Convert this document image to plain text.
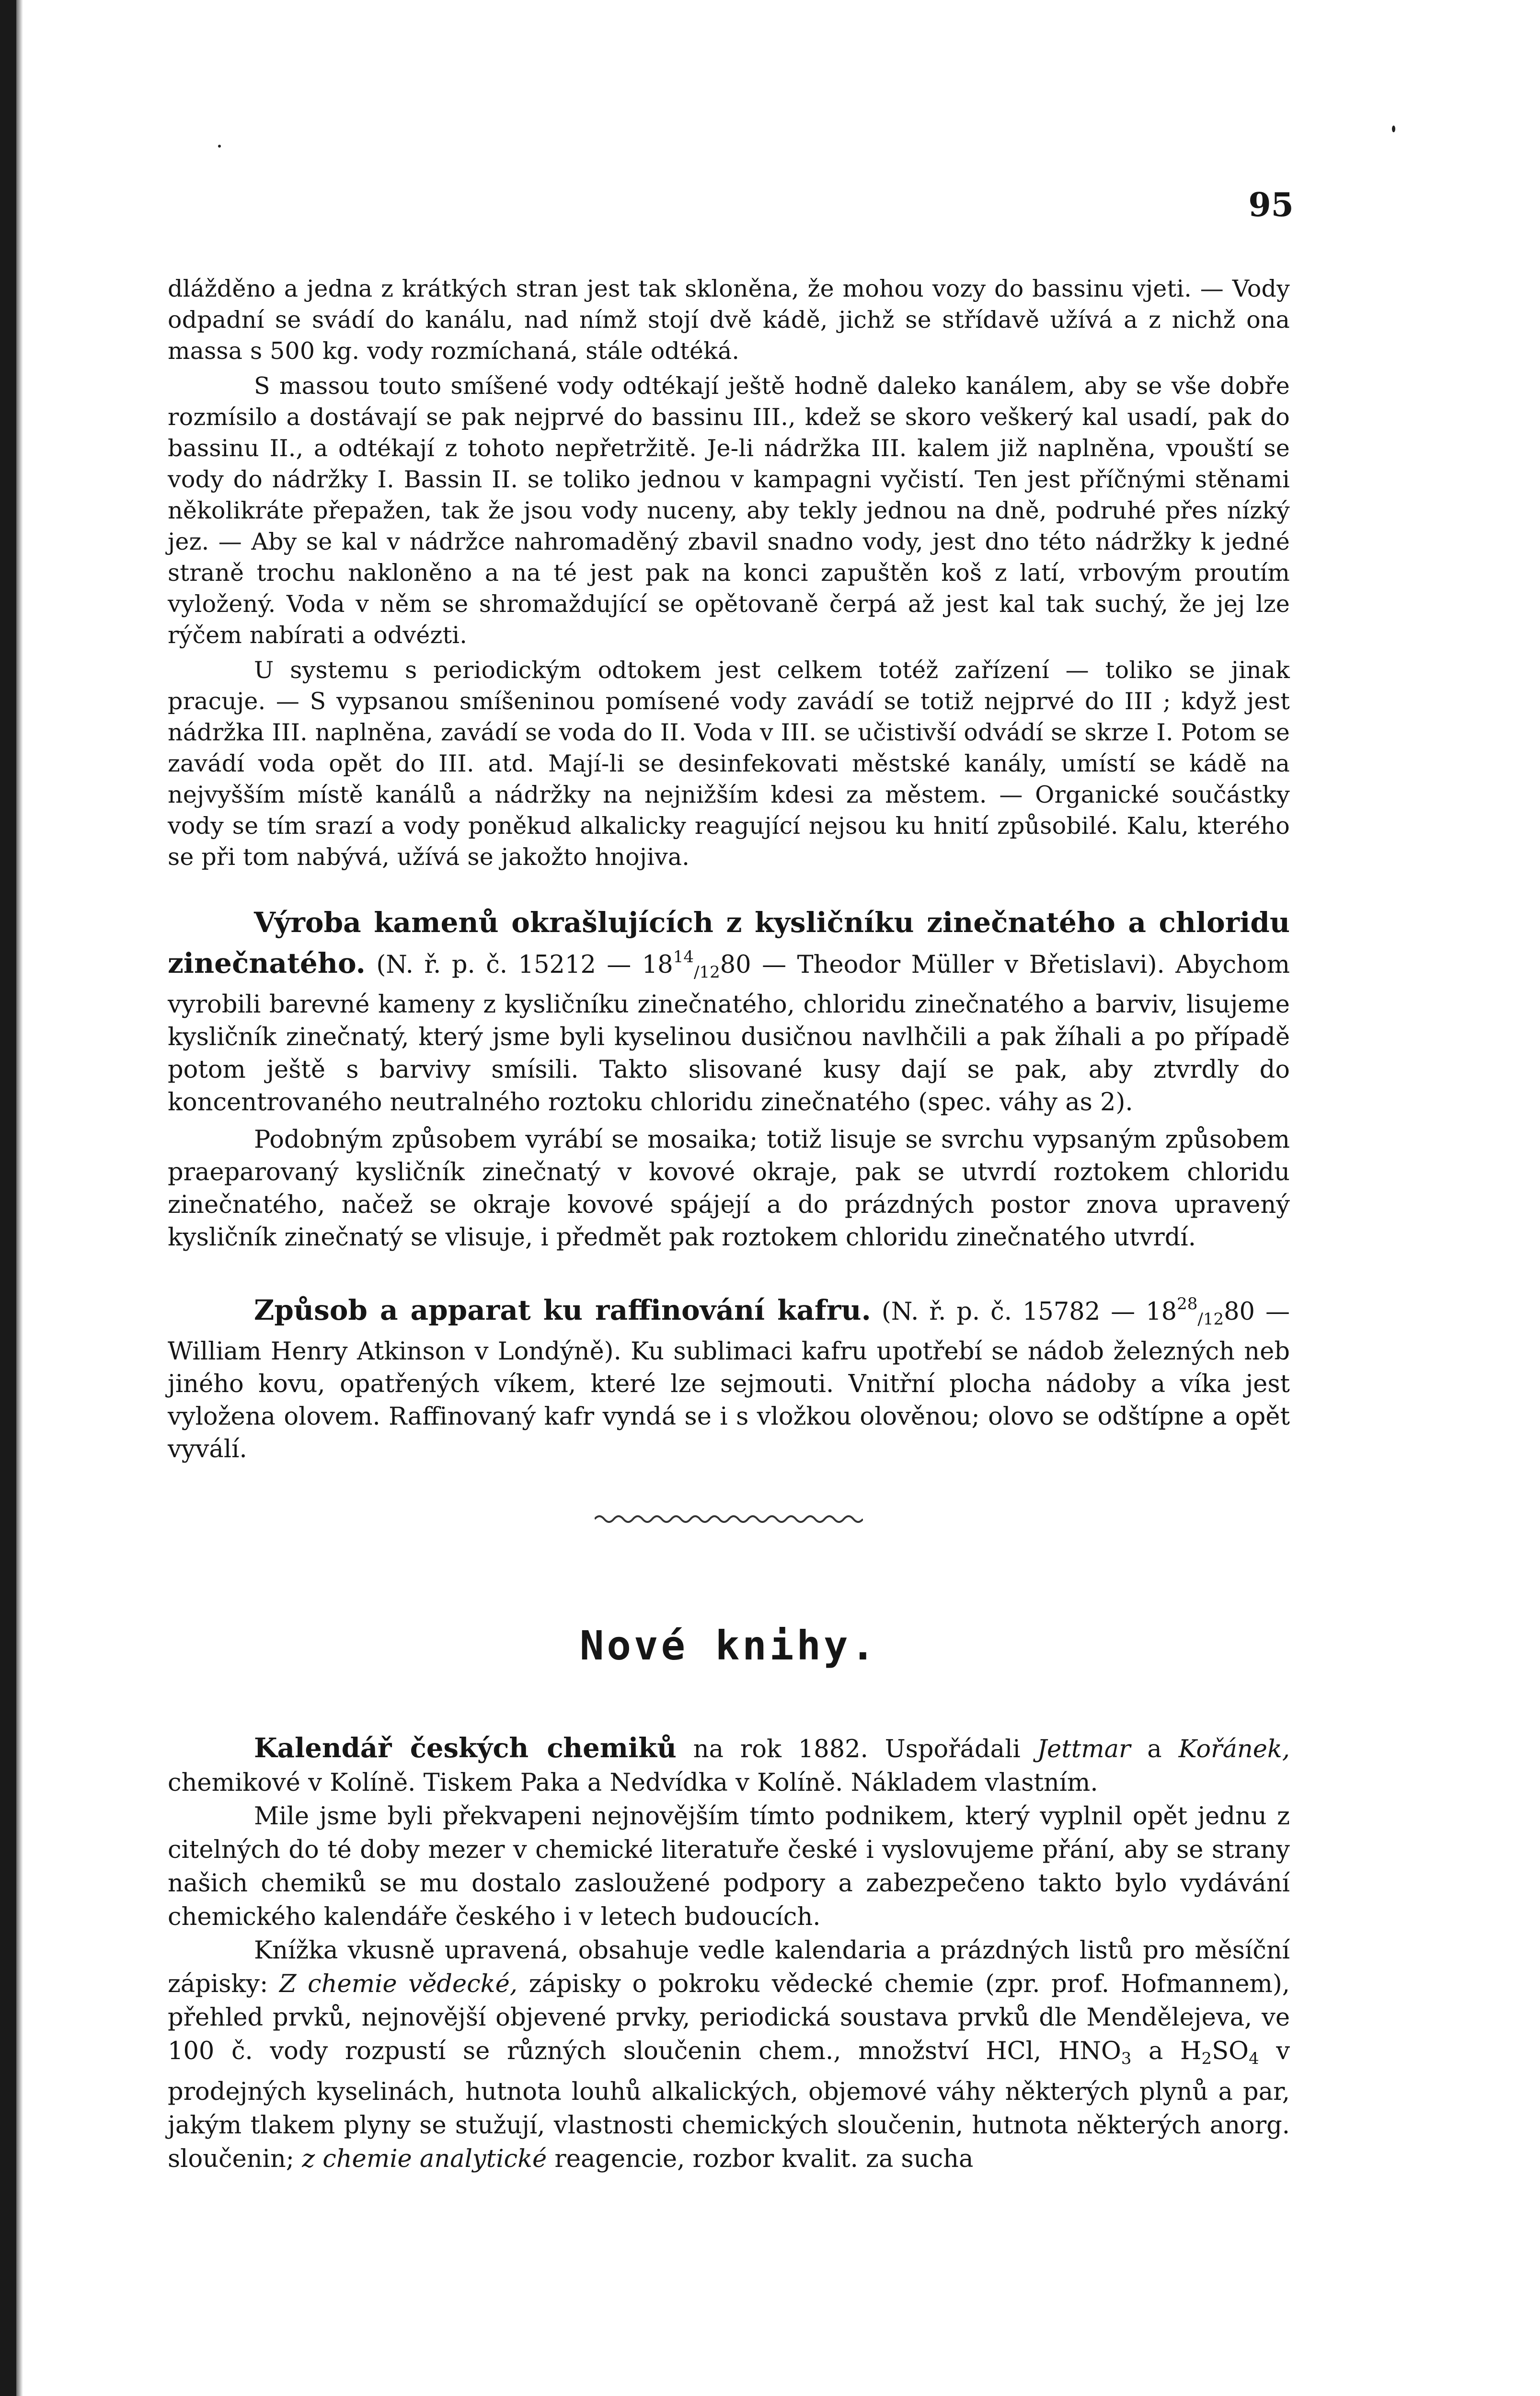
95

dlážděno a jedna z krátkých stran jest tak skloněna, že mohou vozy do bassinu vjeti. — Vody odpadní se svádí do kanálu, nad nímž stojí dvě kádě, jichž se střídavě užívá a z nichž ona massa s 500 kg. vody rozmíchaná, stále odtéká.

S massou touto smíšené vody odtékají ještě hodně daleko kanálem, aby se vše dobře rozmísilo a dostávají se pak nejprvé do bassinu III., kdež se skoro veškerý kal usadí, pak do bassinu II., a odtékají z tohoto nepřetržitě. Je-li nádržka III. kalem již naplněna, vpouští se vody do nádržky I. Bassin II. se toliko jednou v kampagni vyčistí. Ten jest příčnými stěnami několikráte přepažen, tak že jsou vody nuceny, aby tekly jednou na dně, podruhé přes nízký jez. — Aby se kal v nádržce nahromaděný zbavil snadno vody, jest dno této nádržky k jedné straně trochu nakloněno a na té jest pak na konci zapuštěn koš z latí, vrbovým proutím vyložený. Voda v něm se shromaždující se opětovaně čerpá až jest kal tak suchý, že jej lze rýčem nabírati a odvézti.

U systemu s periodickým odtokem jest celkem totéž zařízení — toliko se jinak pracuje. — S vypsanou smíšeninou pomísené vody zavádí se totiž nejprvé do III ; když jest nádržka III. naplněna, zavádí se voda do II. Voda v III. se učistivší odvádí se skrze I. Potom se zavádí voda opět do III. atd. Mají-li se desinfekovati městské kanály, umístí se kádě na nejvyšším místě kanálů a nádržky na nejnižším kdesi za městem. — Organické součástky vody se tím srazí a vody poněkud alkalicky reagující nejsou ku hnití způsobilé. Kalu, kterého se při tom nabývá, užívá se jakožto hnojiva.

Výroba kamenů okrašlujících z kysličníku zinečnatého a chloridu zinečnatého. (N. ř. p. č. 15212 — $18^{14}_{/12}80$ — Theodor Müller v Břetislavi). Abychom vyrobili barevné kameny z kysličníku zinečnatého, chloridu zinečnatého a barviv, lisujeme kysličník zinečnatý, který jsme byli kyselinou dusičnou navlhčili a pak žíhali a po případě potom ještě s barvivy smísili. Takto slisované kusy dají se pak, aby ztvrdly do koncentrovaného neutralného roztoku chloridu zinečnatého (spec. váhy as 2).

Podobným způsobem vyrábí se mosaika; totiž lisuje se svrchu vypsaným způsobem praeparovaný kysličník zinečnatý v kovové okraje, pak se utvrdí roztokem chloridu zinečnatého, načež se okraje kovové spájejí a do prázdných postor znova upravený kysličník zinečnatý se vlisuje, i předmět pak roztokem chloridu zinečnatého utvrdí.

Způsob a apparat ku raffinování kafru. (N. ř. p. č. 15782 — $18^{28}_{/12}80$ — William Henry Atkinson v Londýně). Ku sublimaci kafru upotřebí se nádob železných neb jiného kovu, opatřených víkem, které lze sejmouti. Vnitřní plocha nádoby a víka jest vyložena olovem. Raffinovaný kafr vyndá se i s vložkou olověnou; olovo se odštípne a opět vyválí.

Nové knihy.

Kalendář českých chemiků na rok 1882. Uspořádali Jettmar a Kořánek, chemikové v Kolíně. Tiskem Paka a Nedvídka v Kolíně. Nákladem vlastním.

Mile jsme byli překvapeni nejnovějším tímto podnikem, který vyplnil opět jednu z citelných do té doby mezer v chemické literatuře české i vyslovujeme přání, aby se strany našich chemiků se mu dostalo zasloužené podpory a zabezpečeno takto bylo vydávání chemického kalendáře českého i v letech budoucích.

Knížka vkusně upravená, obsahuje vedle kalendaria a prázdných listů pro měsíční zápisky: Z chemie vědecké, zápisky o pokroku vědecké chemie (zpr. prof. Hofmannem), přehled prvků, nejnovější objevené prvky, periodická soustava prvků dle Mendělejeva, ve 100 č. vody rozpustí se různých sloučenin chem., množství HCl, $HNO_3$ a $H_2SO_4$ v prodejných kyselinách, hutnota louhů alkalických, objemové váhy některých plynů a par, jakým tlakem plyny se stužují, vlastnosti chemických sloučenin, hutnota některých anorg. sloučenin; z chemie analytické reagencie, rozbor kvalit. za sucha
